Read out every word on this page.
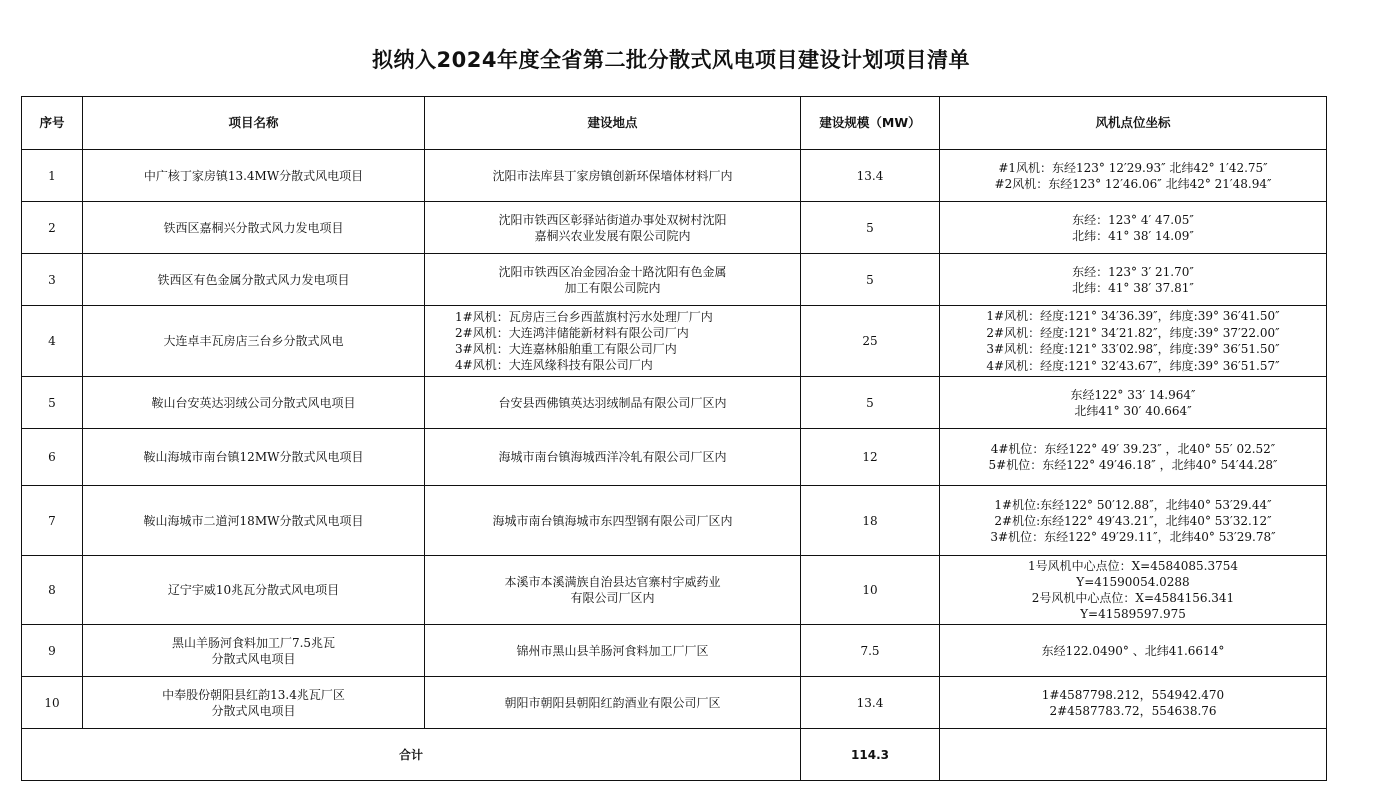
拟纳入2024年度全省第二批分散式风电项目建设计划项目清单
序号	项目名称	建设地点	建设规模（MW）	风机点位坐标
1	中广核丁家房镇13.4MW分散式风电项目	沈阳市法库县丁家房镇创新环保墙体材料厂内	13.4	#1风机：东经123° 12′29.93″ 北纬42° 1′42.75″
#2风机：东经123° 12′46.06″ 北纬42° 21′48.94″
2	铁西区嘉桐兴分散式风力发电项目	沈阳市铁西区彰驿站街道办事处双树村沈阳
嘉桐兴农业发展有限公司院内	5	东经：123° 4′ 47.05″
北纬：41° 38′ 14.09″
3	铁西区有色金属分散式风力发电项目	沈阳市铁西区冶金园冶金十路沈阳有色金属
加工有限公司院内	5	东经：123° 3′ 21.70″
北纬：41° 38′ 37.81″
4	大连卓丰瓦房店三台乡分散式风电	1#风机：瓦房店三台乡西蓝旗村污水处理厂厂内
2#风机：大连鸿沣储能新材料有限公司厂内
3#风机：大连嘉林船舶重工有限公司厂内
4#风机：大连风缘科技有限公司厂内	25	1#风机：经度:121° 34′36.39″，纬度:39° 36′41.50″
2#风机：经度:121° 34′21.82″，纬度:39° 37′22.00″
3#风机：经度:121° 33′02.98″，纬度:39° 36′51.50″
4#风机：经度:121° 32′43.67″，纬度:39° 36′51.57″
5	鞍山台安英达羽绒公司分散式风电项目	台安县西佛镇英达羽绒制品有限公司厂区内	5	东经122° 33′ 14.964″
北纬41° 30′ 40.664″
6	鞍山海城市南台镇12MW分散式风电项目	海城市南台镇海城西洋冷轧有限公司厂区内	12	4#机位：东经122° 49′ 39.23″ ，北40° 55′ 02.52″
5#机位：东经122° 49′46.18″ ，北纬40° 54′44.28″
7	鞍山海城市二道河18MW分散式风电项目	海城市南台镇海城市东四型钢有限公司厂区内	18	1#机位:东经122° 50′12.88″，北纬40° 53′29.44″
2#机位:东经122° 49′43.21″，北纬40° 53′32.12″
3#机位：东经122° 49′29.11″，北纬40° 53′29.78″
8	辽宁宇威10兆瓦分散式风电项目	本溪市本溪满族自治县达官寨村宇威药业
有限公司厂区内	10	1号风机中心点位：X=4584085.3754
Y=41590054.0288
2号风机中心点位：X=4584156.341
Y=41589597.975
9	黑山羊肠河食料加工厂7.5兆瓦
分散式风电项目	锦州市黑山县羊肠河食料加工厂厂区	7.5	东经122.0490° 、北纬41.6614°
10	中奉股份朝阳县红韵13.4兆瓦厂区
分散式风电项目	朝阳市朝阳县朝阳红韵酒业有限公司厂区	13.4	1#4587798.212，554942.470
2#4587783.72，554638.76
合计			114.3	
